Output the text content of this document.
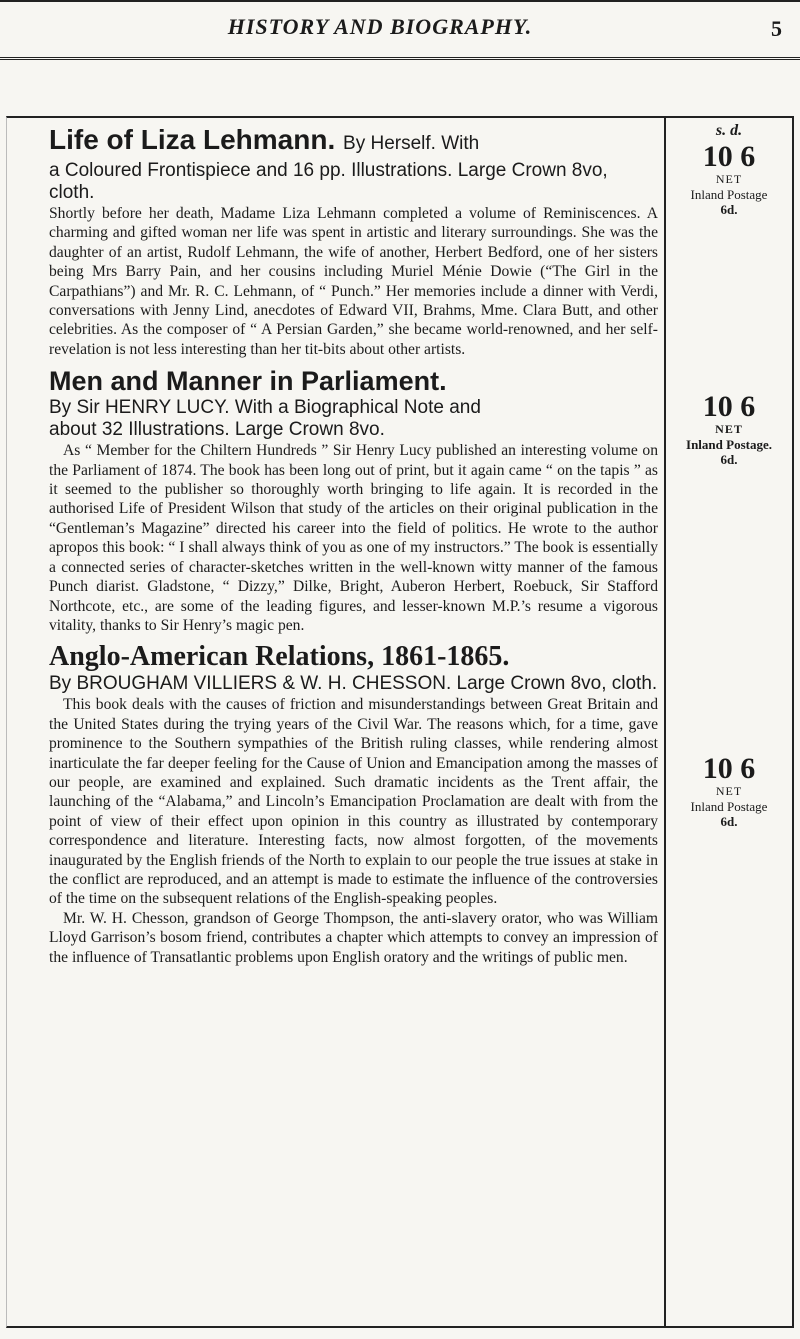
HISTORY AND BIOGRAPHY.	5
Life of Liza Lehmann. By Herself. With
a Coloured Frontispiece and 16 pp. Illustrations. Large Crown 8vo, cloth.

Shortly before her death, Madame Liza Lehmann completed a volume of Reminiscences. A charming and gifted woman ner life was spent in artistic and literary surroundings. She was the daughter of an artist, Rudolf Lehmann, the wife of another, Herbert Bedford, one of her sisters being Mrs Barry Pain, and her cousins including Muriel Ménie Dowie (“The Girl in the Carpathians”) and Mr. R. C. Lehmann, of “ Punch.” Her memories include a dinner with Verdi, conversations with Jenny Lind, anecdotes of Edward VII, Brahms, Mme. Clara Butt, and other celebrities. As the composer of “ A Persian Garden,” she became world-renowned, and her self-revelation is not less interesting than her tit-bits about other artists.

Men and Manner in Parliament.
By Sir HENRY LUCY. With a Biographical Note and
about 32 Illustrations. Large Crown 8vo.

As “ Member for the Chiltern Hundreds ” Sir Henry Lucy published an interesting volume on the Parliament of 1874. The book has been long out of print, but it again came “ on the tapis ” as it seemed to the publisher so thoroughly worth bringing to life again. It is recorded in the authorised Life of President Wilson that study of the articles on their original publication in the “Gentleman’s Magazine” directed his career into the field of politics. He wrote to the author apropos this book: “ I shall always think of you as one of my instructors.” The book is essentially a connected series of character-sketches written in the well-known witty manner of the famous Punch diarist. Gladstone, “ Dizzy,” Dilke, Bright, Auberon Herbert, Roebuck, Sir Stafford Northcote, etc., are some of the leading figures, and lesser-known M.P.’s resume a vigorous vitality, thanks to Sir Henry’s magic pen.

Anglo-American Relations, 1861-1865.
By BROUGHAM VILLIERS & W. H. CHESSON. Large Crown 8vo, cloth.

This book deals with the causes of friction and misunderstandings between Great Britain and the United States during the trying years of the Civil War. The reasons which, for a time, gave prominence to the Southern sympathies of the British ruling classes, while rendering almost inarticulate the far deeper feeling for the Cause of Union and Emancipation among the masses of our people, are examined and explained. Such dramatic incidents as the Trent affair, the launching of the “Alabama,” and Lincoln’s Emancipation Proclamation are dealt with from the point of view of their effect upon opinion in this country as illustrated by contemporary correspondence and literature. Interesting facts, now almost forgotten, of the movements inaugurated by the English friends of the North to explain to our people the true issues at stake in the conflict are reproduced, and an attempt is made to estimate the influence of the controversies of the time on the subsequent relations of the English-speaking peoples.

Mr. W. H. Chesson, grandson of George Thompson, the anti-slavery orator, who was William Lloyd Garrison’s bosom friend, contributes a chapter which attempts to convey an impression of the influence of Transatlantic problems upon English oratory and the writings of public men.

s. d.
10 6
NET
Inland Postage
6d.
10 6
NET
Inland Postage.
6d.
10 6
NET
Inland Postage
6d.
